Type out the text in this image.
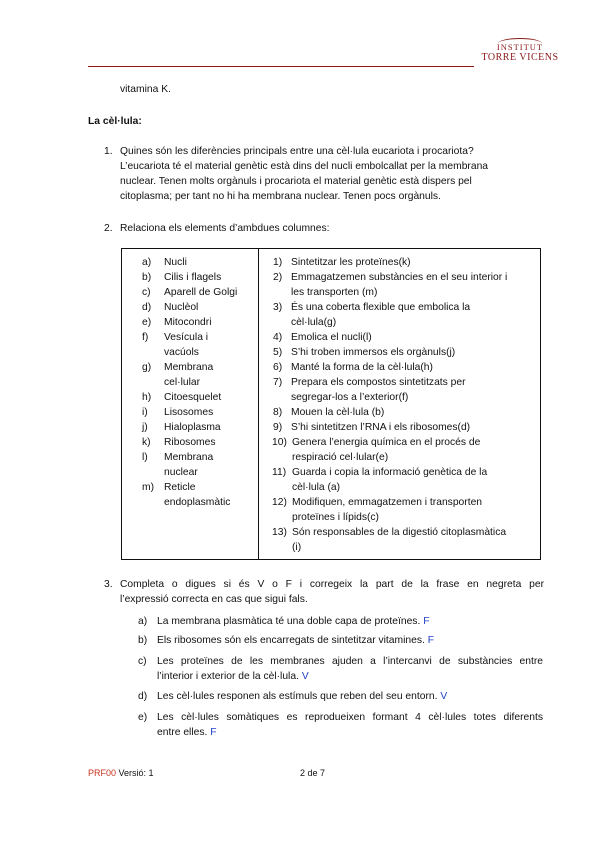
INSTITUT
TORRE VICENS
vitamina K.
La cèl·lula:
1. Quines són les diferències principals entre una cèl·lula eucariota i procariota?
L’eucariota té el material genètic està dins del nucli embolcallat per la membrana
nuclear. Tenen molts orgànuls i procariota el material genètic està dispers pel
citoplasma; per tant no hi ha membrana nuclear. Tenen pocs orgànuls.
2. Relaciona els elements d’ambdues columnes:
a) Nucli
b) Cilis i flagels
c) Aparell de Golgi
d) Nuclèol
e) Mitocondri
f) Vesícula i
vacúols
g) Membrana
cel·lular
h) Citoesquelet
i) Lisosomes
j) Hialoplasma
k) Ribosomes
l) Membrana
nuclear
m) Reticle
endoplasmàtic

1) Sintetitzar les proteïnes(k)
2) Emmagatzemen substàncies en el seu interior i
les transporten (m)
3) És una coberta flexible que embolica la
cèl·lula(g)
4) Emolica el nucli(l)
5) S’hi troben immersos els orgànuls(j)
6) Manté la forma de la cèl·lula(h)
7) Prepara els compostos sintetitzats per
segregar-los a l’exterior(f)
8) Mouen la cèl·lula (b)
9) S’hi sintetitzen l’RNA i els ribosomes(d)
10) Genera l’energia química en el procés de
respiració cel·lular(e)
11) Guarda i copia la informació genètica de la
cèl·lula (a)
12) Modifiquen, emmagatzemen i transporten
proteïnes i lípids(c)
13) Són responsables de la digestió citoplasmàtica
(i)
3. Completa o digues si és V o F i corregeix la part de la frase en negreta per
l’expressió correcta en cas que sigui fals.
a) La membrana plasmàtica té una doble capa de proteïnes. F
b) Els ribosomes són els encarregats de sintetitzar vitamines. F
c) Les proteïnes de les membranes ajuden a l’intercanvi de substàncies entre
l’interior i exterior de la cèl·lula. V
d) Les cèl·lules responen als estímuls que reben del seu entorn. V
e) Les cèl·lules somàtiques es reprodueixen formant 4 cèl·lules totes diferents
entre elles. F
PRF00 Versió: 1	2 de 7
